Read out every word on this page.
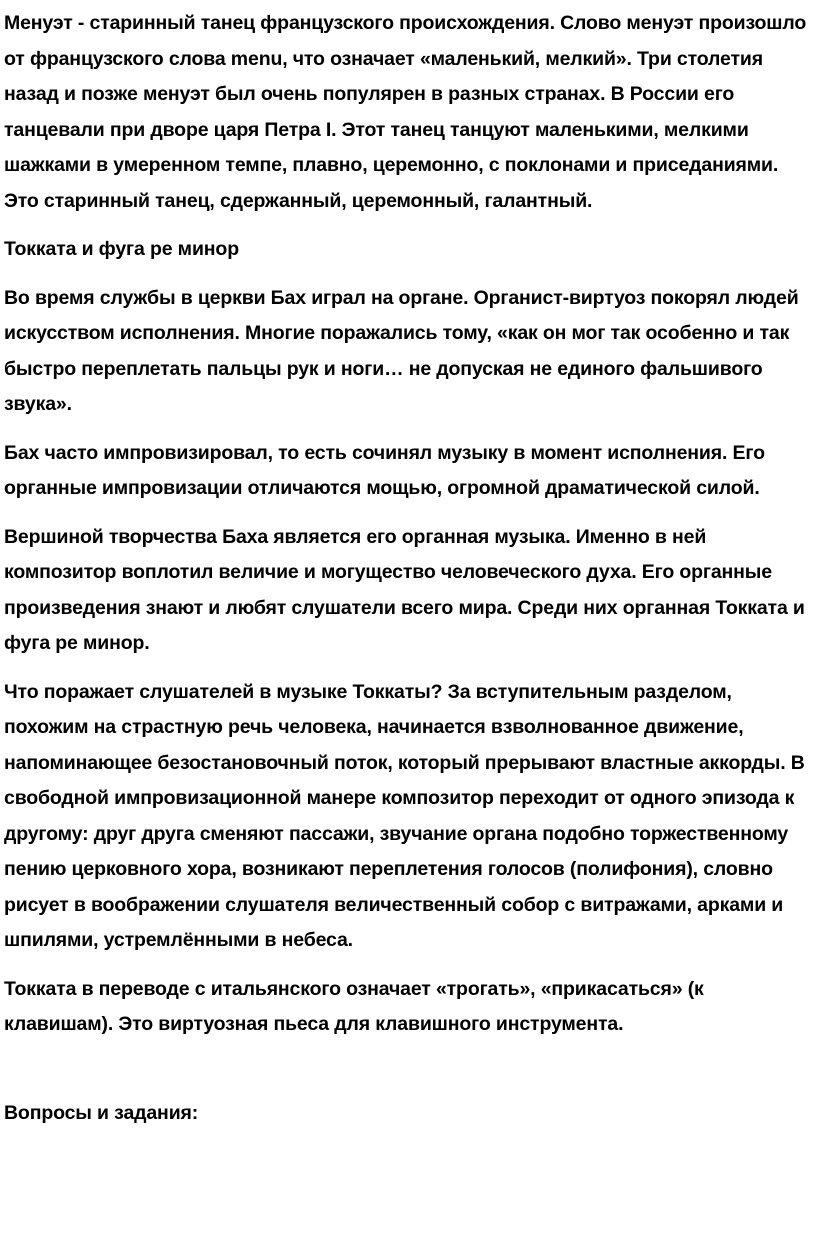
Менуэт - старинный танец французского происхождения. Слово менуэт произошло от французского слова menu, что означает «маленький, мелкий». Три столетия назад и позже менуэт был очень популярен в разных странах. В России его танцевали при дворе царя Петра I. Этот танец танцуют маленькими, мелкими шажками в умеренном темпе, плавно, церемонно, с поклонами и приседаниями. Это старинный танец, сдержанный, церемонный, галантный.

Токката и фуга ре минор

Во время службы в церкви Бах играл на органе. Органист-виртуоз покорял людей искусством исполнения. Многие поражались тому, «как он мог так особенно и так быстро переплетать пальцы рук и ноги… не допуская не единого фальшивого звука».

Бах часто импровизировал, то есть сочинял музыку в момент исполнения. Его органные импровизации отличаются мощью, огромной драматической силой.

Вершиной творчества Баха является его органная музыка. Именно в ней композитор воплотил величие и могущество человеческого духа. Его органные произведения знают и любят слушатели всего мира. Среди них органная Токката и фуга ре минор.

Что поражает слушателей в музыке Токкаты? За вступительным разделом, похожим на страстную речь человека, начинается взволнованное движение, напоминающее безостановочный поток, который прерывают властные аккорды. В свободной импровизационной манере композитор переходит от одного эпизода к другому: друг друга сменяют пассажи, звучание органа подобно торжественному пению церковного хора, возникают переплетения голосов (полифония), словно рисует в воображении слушателя величественный собор с витражами, арками и шпилями, устремлёнными в небеса.

Токката в переводе с итальянского означает «трогать», «прикасаться» (к клавишам). Это виртуозная пьеса для клавишного инструмента.

Вопросы и задания:
